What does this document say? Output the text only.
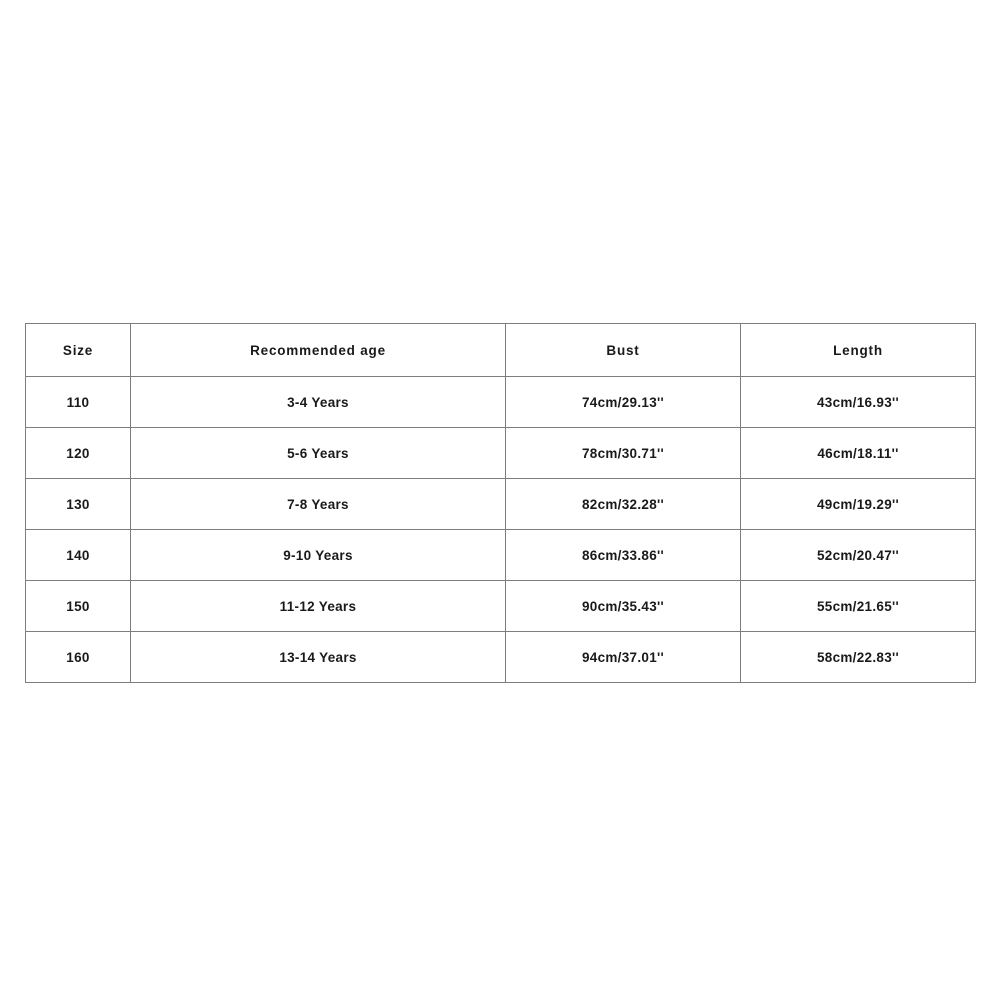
Size	Recommended age	Bust	Length
110	3-4 Years	74cm/29.13''	43cm/16.93''
120	5-6 Years	78cm/30.71''	46cm/18.11''
130	7-8 Years	82cm/32.28''	49cm/19.29''
140	9-10 Years	86cm/33.86''	52cm/20.47''
150	11-12 Years	90cm/35.43''	55cm/21.65''
160	13-14 Years	94cm/37.01''	58cm/22.83''
